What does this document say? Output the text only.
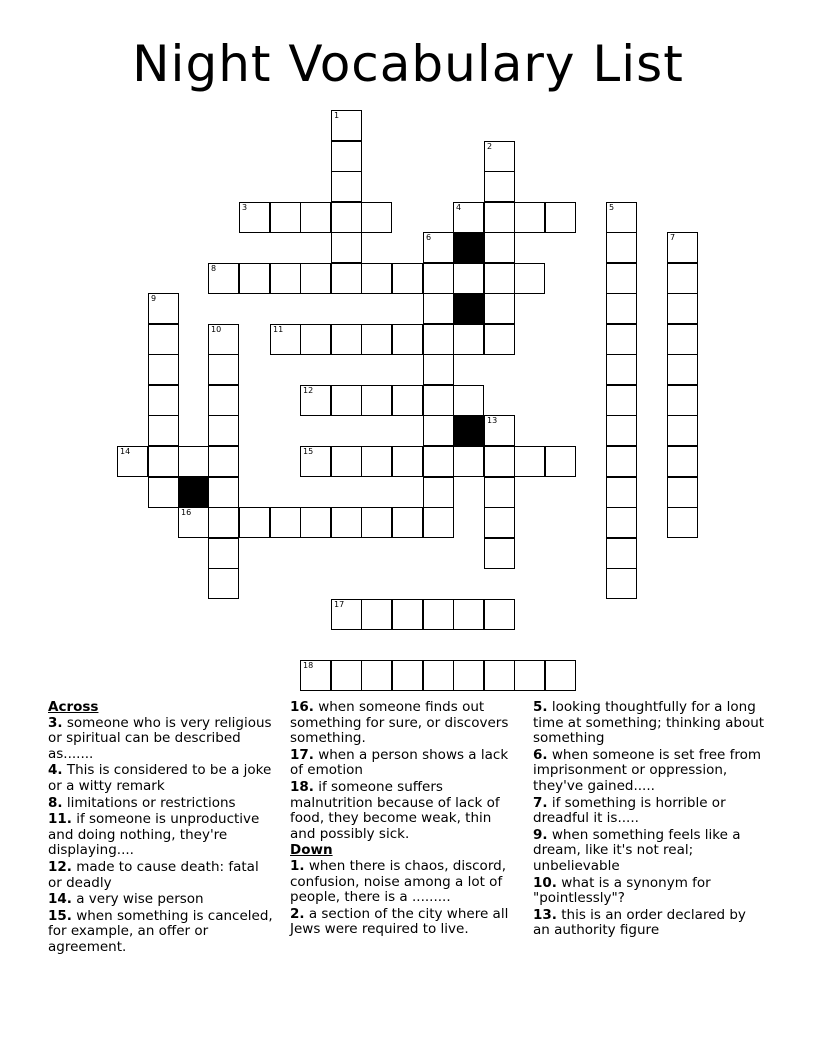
Night Vocabulary List
1
3
2
4	5
7
6
8
9
10	11
12
13
14	15
16
17
18
Across
3. someone who is very religious or spiritual can be described as.......
4. This is considered to be a joke or a witty remark
8. limitations or restrictions
11. if someone is unproductive and doing nothing, they're displaying....
12. made to cause death: fatal or deadly
14. a very wise person
15. when something is canceled, for example, an offer or agreement.
16. when someone finds out something for sure, or discovers something.
17. when a person shows a lack of emotion
18. if someone suffers malnutrition because of lack of food, they become weak, thin and possibly sick.
Down
1. when there is chaos, discord, confusion, noise among a lot of people, there is a .........
2. a section of the city where all Jews were required to live.
5. looking thoughtfully for a long time at something; thinking about something
6. when someone is set free from imprisonment or oppression, they've gained.....
7. if something is horrible or dreadful it is.....
9. when something feels like a dream, like it's not real; unbelievable
10. what is a synonym for "pointlessly"?
13. this is an order declared by an authority figure
